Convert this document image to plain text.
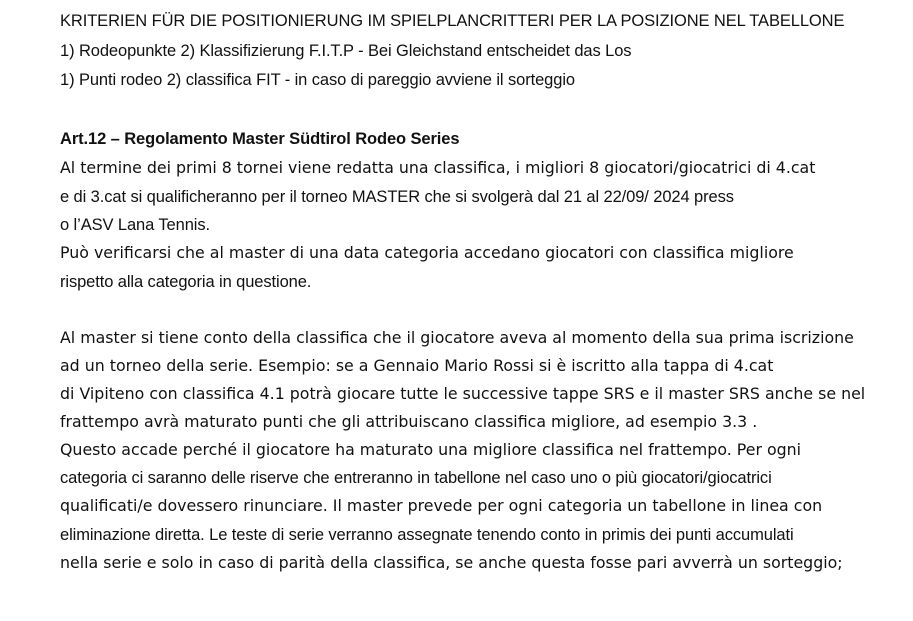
KRITERIEN FÜR DIE POSITIONIERUNG IM SPIELPLANCRITTERI PER LA POSIZIONE NEL TABELLONE
1) Rodeopunkte 2) Klassifizierung F.I.T.P - Bei Gleichstand entscheidet das Los
1) Punti rodeo 2) classifica FIT - in caso di pareggio avviene il sorteggio
Art.12 – Regolamento Master Südtirol Rodeo Series
Al termine dei primi 8 tornei viene redatta una classifica, i migliori 8 giocatori/giocatrici di 4.cat
e di 3.cat si qualificheranno per il torneo MASTER che si svolgerà dal 21 al 22/09/ 2024 press
o l’ASV Lana Tennis.
Può verificarsi che al master di una data categoria accedano giocatori con classifica migliore
rispetto alla categoria in questione.
Al master si tiene conto della classifica che il giocatore aveva al momento della sua prima iscrizione
ad un torneo della serie. Esempio: se a Gennaio Mario Rossi si è iscritto alla tappa di 4.cat
di Vipiteno con classifica 4.1 potrà giocare tutte le successive tappe SRS e il master SRS anche se nel
frattempo avrà maturato punti che gli attribuiscano classifica migliore, ad esempio 3.3 .
Questo accade perché il giocatore ha maturato una migliore classifica nel frattempo. Per ogni
categoria ci saranno delle riserve che entreranno in tabellone nel caso uno o più giocatori/giocatrici
qualificati/e dovessero rinunciare. Il master prevede per ogni categoria un tabellone in linea con
eliminazione diretta. Le teste di serie verranno assegnate tenendo conto in primis dei punti accumulati
nella serie e solo in caso di parità della classifica, se anche questa fosse pari avverrà un sorteggio;
